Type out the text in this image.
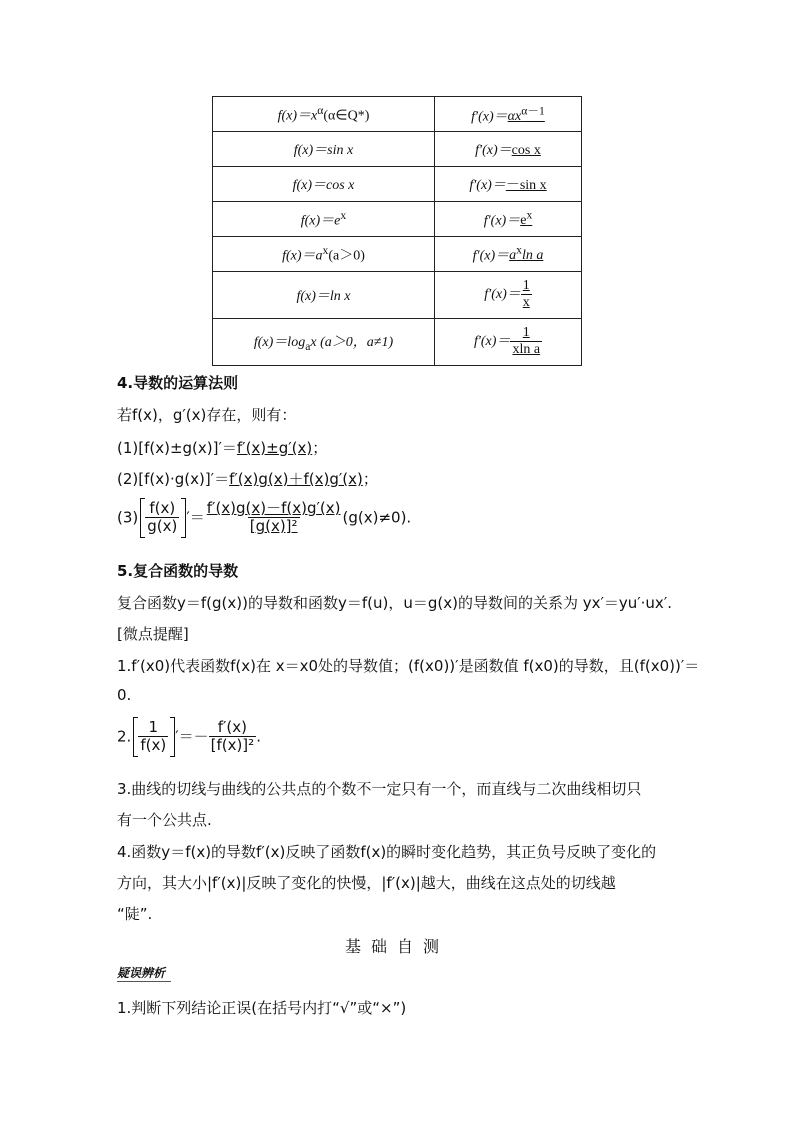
$f(x)=x^\alpha(\alpha\in Q*)$	$f'(x)=\alpha x^{\alpha-1}$
f(x)＝sin x	f′(x)＝cos x
f(x)＝cos x	f′(x)＝－sin x
$f(x)=e^x$	$f'(x)=e^x$
$f(x)=a^x(a>0)$	$f'(x)=a^x\ln$ a
f(x)＝ln x	$f'(x)= \frac{1}{x}$

$f(x)=\log_ax$ (a＞0，a≠1)	$f'(x)= \frac{1}{\text{xln a}}$
4.导数的运算法则
若f(x)，g′(x)存在，则有：
(1)[f(x)±g(x)]′＝f′(x)±g′(x)；
(2)[f(x)·g(x)]′＝f′(x)g(x)＋f(x)g′(x)；
$(3) \frac{f(x)}{g(x)}$ ′＝ $\frac{f'(x)g(x)-f(x)g'(x)}{\text{[g(x)]²}} (g(x)\ne 0)$.
5.复合函数的导数
复合函数y＝f(g(x))的导数和函数y＝f(u)，u＝g(x)的导数间的关系为 yx′＝yu′·ux′.
[微点提醒]
1.f′(x0)代表函数f(x)在 x＝x0处的导数值；(f(x0))′是函数值 f(x0)的导数，且(f(x0))′＝
0.
2. $\frac{1}{f(x)}$ ′＝－ $\frac{f'(x)}{\text{[f(x)]²}}$ .
3.曲线的切线与曲线的公共点的个数不一定只有一个，而直线与二次曲线相切只
有一个公共点.
4.函数y＝f(x)的导数f′(x)反映了函数f(x)的瞬时变化趋势，其正负号反映了变化的
方向，其大小|f′(x)|反映了变化的快慢，|f′(x)|越大，曲线在这点处的切线越
“陡”.
基础自测
疑误辨析
1.判断下列结论正误(在括号内打“√”或“×”)
